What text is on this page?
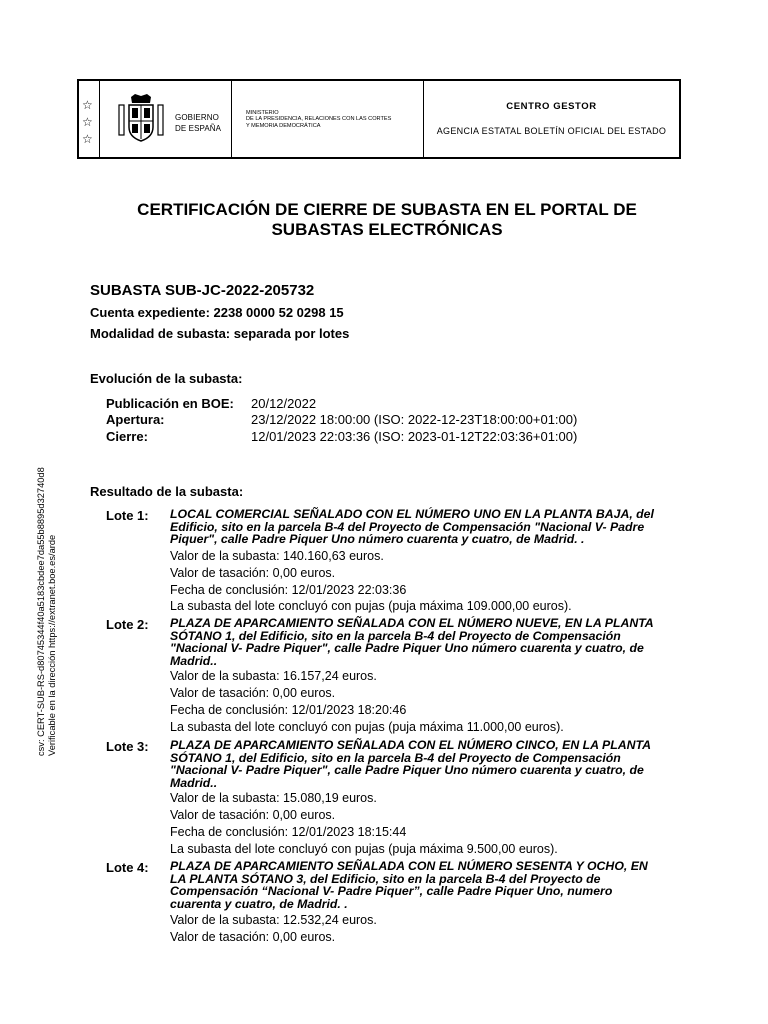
☆
☆
☆
GOBIERNO
DE ESPAÑA
MINISTERIO
DE LA PRESIDENCIA, RELACIONES CON LAS CORTES
Y MEMORIA DEMOCRÁTICA
CENTRO GESTOR
AGENCIA ESTATAL BOLETÍN OFICIAL DEL ESTADO
csv: CERT-SUB-RS-d80745344f40a5183cbdee7da55b8895d32740d8 Verificable en la dirección https://extranet.boe.es/arde
CERTIFICACIÓN DE CIERRE DE SUBASTA EN EL PORTAL DE
SUBASTAS ELECTRÓNICAS
SUBASTA SUB-JC-2022-205732
Cuenta expediente: 2238 0000 52 0298 15
Modalidad de subasta: separada por lotes
Evolución de la subasta:
Publicación en BOE: 20/12/2022
Apertura:	23/12/2022 18:00:00 (ISO: 2022-12-23T18:00:00+01:00)
Cierre:	12/01/2023 22:03:36 (ISO: 2023-01-12T22:03:36+01:00)
Resultado de la subasta:
Lote 1: LOCAL COMERCIAL SEÑALADO CON EL NÚMERO UNO EN LA PLANTA BAJA, del
Edificio, sito en la parcela B-4 del Proyecto de Compensación "Nacional V- Padre
Piquer", calle Padre Piquer Uno número cuarenta y cuatro, de Madrid. .
Valor de la subasta: 140.160,63 euros.
Valor de tasación: 0,00 euros.
Fecha de conclusión: 12/01/2023 22:03:36
La subasta del lote concluyó con pujas (puja máxima 109.000,00 euros).
Lote 2: PLAZA DE APARCAMIENTO SEÑALADA CON EL NÚMERO NUEVE, EN LA PLANTA
SÓTANO 1, del Edificio, sito en la parcela B-4 del Proyecto de Compensación
"Nacional V- Padre Piquer", calle Padre Piquer Uno número cuarenta y cuatro, de
Madrid..
Valor de la subasta: 16.157,24 euros.
Valor de tasación: 0,00 euros.
Fecha de conclusión: 12/01/2023 18:20:46
La subasta del lote concluyó con pujas (puja máxima 11.000,00 euros).
Lote 3: PLAZA DE APARCAMIENTO SEÑALADA CON EL NÚMERO CINCO, EN LA PLANTA
SÓTANO 1, del Edificio, sito en la parcela B-4 del Proyecto de Compensación
"Nacional V- Padre Piquer", calle Padre Piquer Uno número cuarenta y cuatro, de
Madrid..
Valor de la subasta: 15.080,19 euros.
Valor de tasación: 0,00 euros.
Fecha de conclusión: 12/01/2023 18:15:44
La subasta del lote concluyó con pujas (puja máxima 9.500,00 euros).
Lote 4: PLAZA DE APARCAMIENTO SEÑALADA CON EL NÚMERO SESENTA Y OCHO, EN
LA PLANTA SÓTANO 3, del Edificio, sito en la parcela B-4 del Proyecto de
Compensación “Nacional V- Padre Piquer”, calle Padre Piquer Uno, numero
cuarenta y cuatro, de Madrid. .
Valor de la subasta: 12.532,24 euros.
Valor de tasación: 0,00 euros.
